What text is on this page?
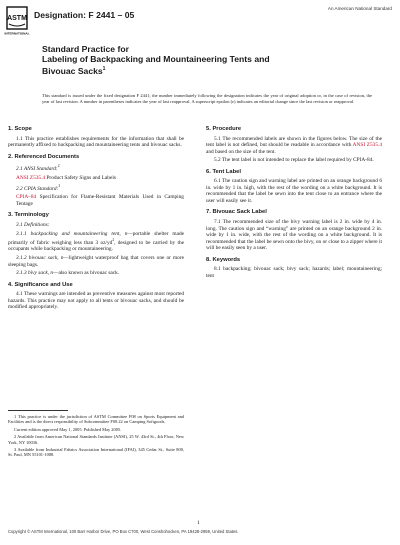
ASTM
INTERNATIONAL
Designation: F 2441 – 05
An American National Standard
Standard Practice for
Labeling of Backpacking and Mountaineering Tents and
Bivouac Sacks$^1$
This standard is issued under the fixed designation F 2441; the number immediately following the designation indicates the year of original adoption or, in the case of revision, the year of last revision. A number in parentheses indicates the year of last reapproval. A superscript epsilon (ε) indicates an editorial change since the last revision or reapproval.
1. Scope

1.1 This practice establishes requirements for the information that shall be permanently affixed to backpacking and mountaineering tents and bivouac sacks.

2. Referenced Documents

2.1 ANSI Standard:$^2$

ANSI Z535.4 Product Safety Signs and Labels

2.2 CPIA Standard:$^3$

CPIA–84 Specification for Flame-Resistant Materials Used in Camping Tentage

3. Terminology

3.1 Definitions:

3.1.1 backpacking and mountaineering tent, n—portable shelter made primarily of fabric weighing less than 3 $oz/yd^2$, designed to be carried by the occupants while backpacking or mountaineering.

3.1.2 bivouac sack, n—lightweight waterproof bag that covers one or more sleeping bags.

3.1.3 bivy sack, n—also known as bivouac sack.

4. Significance and Use

4.1 These warnings are intended as preventive measures against most reported hazards. This practice may not apply to all tents or bivouac sacks, and should be modified appropriately.

5. Procedure

5.1 The recommended labels are shown in the figures below. The size of the tent label is not defined, but should be readable in accordance with ANSI Z535.4 and based on the size of the tent.

5.2 The tent label is not intended to replace the label required by CPIA-84.

6. Tent Label

6.1 The caution sign and warning label are printed on an orange background 6 in. wide by 1 in. high, with the rest of the wording on a white background. It is recommended that the label be sewn into the tent close to an entrance where the user will easily see it.

7. Bivouac Sack Label

7.1 The recommended size of the bivy warning label is 2 in. wide by 4 in. long. The caution sign and “warning” are printed on an orange background 2 in. wide by 1 in. wide, with the rest of the wording on a white background. It is recommended that the label be sewn onto the bivy, on or close to a zipper where it will be easily seen by a user.

8. Keywords

8.1 backpacking; bivouac sack; bivy sack; hazards; label; mountaineering; tent

1 This practice is under the jurisdiction of ASTM Committee F08 on Sports Equipment and Facilities and is the direct responsibility of Subcommittee F08.22 on Camping Softgoods.

Current edition approved May 1, 2005. Published May 2005.

2 Available from American National Standards Institute (ANSI), 25 W. 43rd St., 4th Floor, New York, NY 10036.

3 Available from Industrial Fabrics Association International (IFAI), 345 Cedar St., Suite 800, St. Paul, MN 55101-1088.

1
Copyright © ASTM International, 100 Barr Harbor Drive, PO Box C700, West Conshohocken, PA 19428-2959, United States.
